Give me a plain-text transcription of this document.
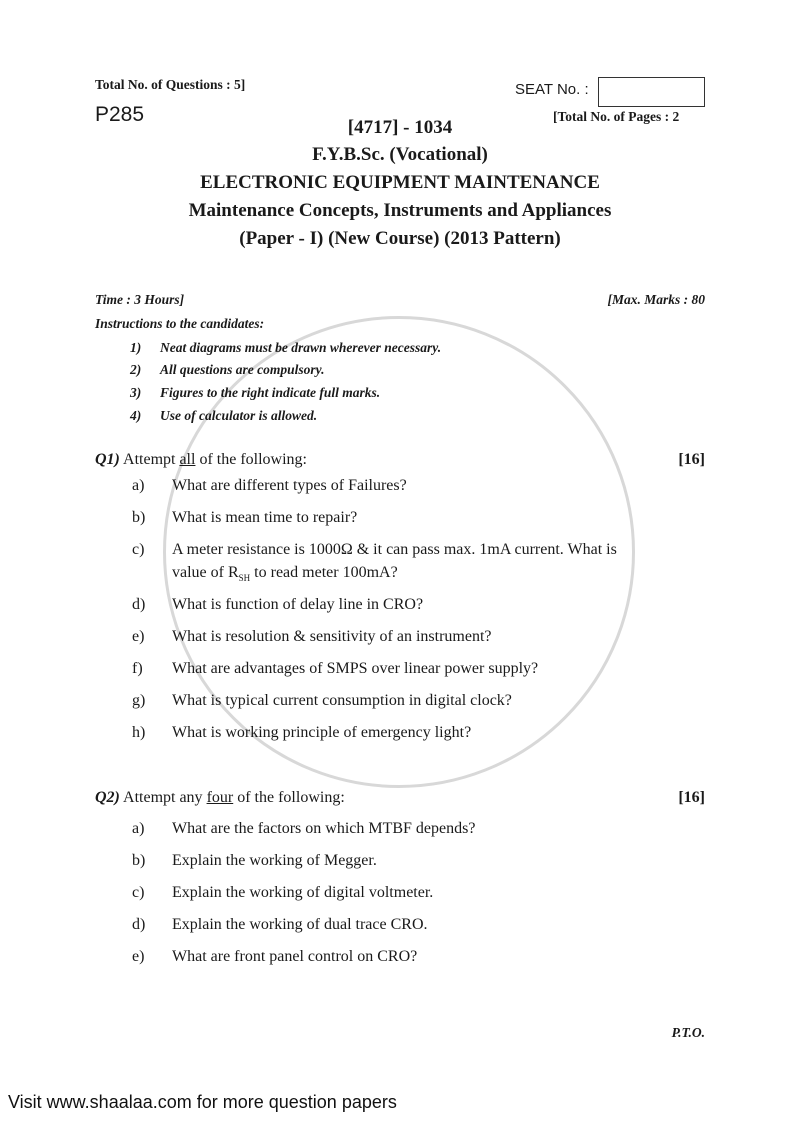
Total No. of Questions : 5]	SEAT No. :
P285	[Total No. of Pages : 2
[4717] - 1034
F.Y.B.Sc. (Vocational)
ELECTRONIC EQUIPMENT MAINTENANCE
Maintenance Concepts, Instruments and Appliances
(Paper - I) (New Course) (2013 Pattern)
Time : 3 Hours]	[Max. Marks : 80
Instructions to the candidates:
1) Neat diagrams must be drawn wherever necessary.
2) All questions are compulsory.
3) Figures to the right indicate full marks.
4) Use of calculator is allowed.
Q1) Attempt all of the following:	[16]
a) What are different types of Failures?
b) What is mean time to repair?
c) A meter resistance is 1000Ω & it can pass max. 1mA current. What is
value of $R_{SH}$ to read meter 100mA?
d) What is function of delay line in CRO?
e) What is resolution & sensitivity of an instrument?
f) What are advantages of SMPS over linear power supply?
g) What is typical current consumption in digital clock?
h) What is working principle of emergency light?
Q2) Attempt any four of the following:	[16]
a) What are the factors on which MTBF depends?
b) Explain the working of Megger.
c) Explain the working of digital voltmeter.
d) Explain the working of dual trace CRO.
e) What are front panel control on CRO?
P.T.O.
Visit www.shaalaa.com for more question papers
